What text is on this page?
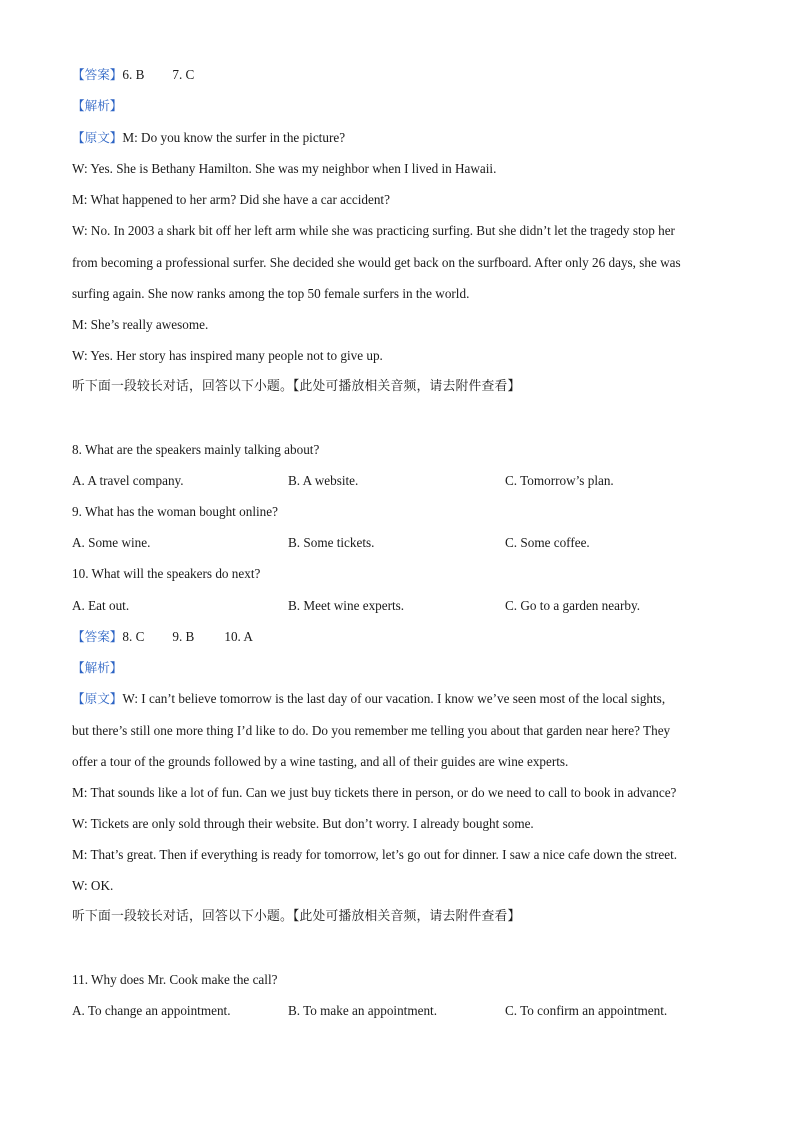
【答案】6. B 7. C
【解析】
【原文】M: Do you know the surfer in the picture?
W: Yes. She is Bethany Hamilton. She was my neighbor when I lived in Hawaii.
M: What happened to her arm? Did she have a car accident?
W: No. In 2003 a shark bit off her left arm while she was practicing surfing. But she didn’t let the tragedy stop her
from becoming a professional surfer. She decided she would get back on the surfboard. After only 26 days, she was
surfing again. She now ranks among the top 50 female surfers in the world.
M: She’s really awesome.
W: Yes. Her story has inspired many people not to give up.
听下面一段较长对话，回答以下小题。【此处可播放相关音频，请去附件查看】
8. What are the speakers mainly talking about?
A. A travel company.	B. A website.	C. Tomorrow’s plan.
9. What has the woman bought online?
A. Some wine.	B. Some tickets.	C. Some coffee.
10. What will the speakers do next?
A. Eat out.	B. Meet wine experts.	C. Go to a garden nearby.
【答案】8. C 9. B 10. A
【解析】
【原文】W: I can’t believe tomorrow is the last day of our vacation. I know we’ve seen most of the local sights,
but there’s still one more thing I’d like to do. Do you remember me telling you about that garden near here? They
offer a tour of the grounds followed by a wine tasting, and all of their guides are wine experts.
M: That sounds like a lot of fun. Can we just buy tickets there in person, or do we need to call to book in advance?
W: Tickets are only sold through their website. But don’t worry. I already bought some.
M: That’s great. Then if everything is ready for tomorrow, let’s go out for dinner. I saw a nice cafe down the street.
W: OK.
听下面一段较长对话，回答以下小题。【此处可播放相关音频，请去附件查看】
11. Why does Mr. Cook make the call?
A. To change an appointment.	B. To make an appointment.	C. To confirm an appointment.
